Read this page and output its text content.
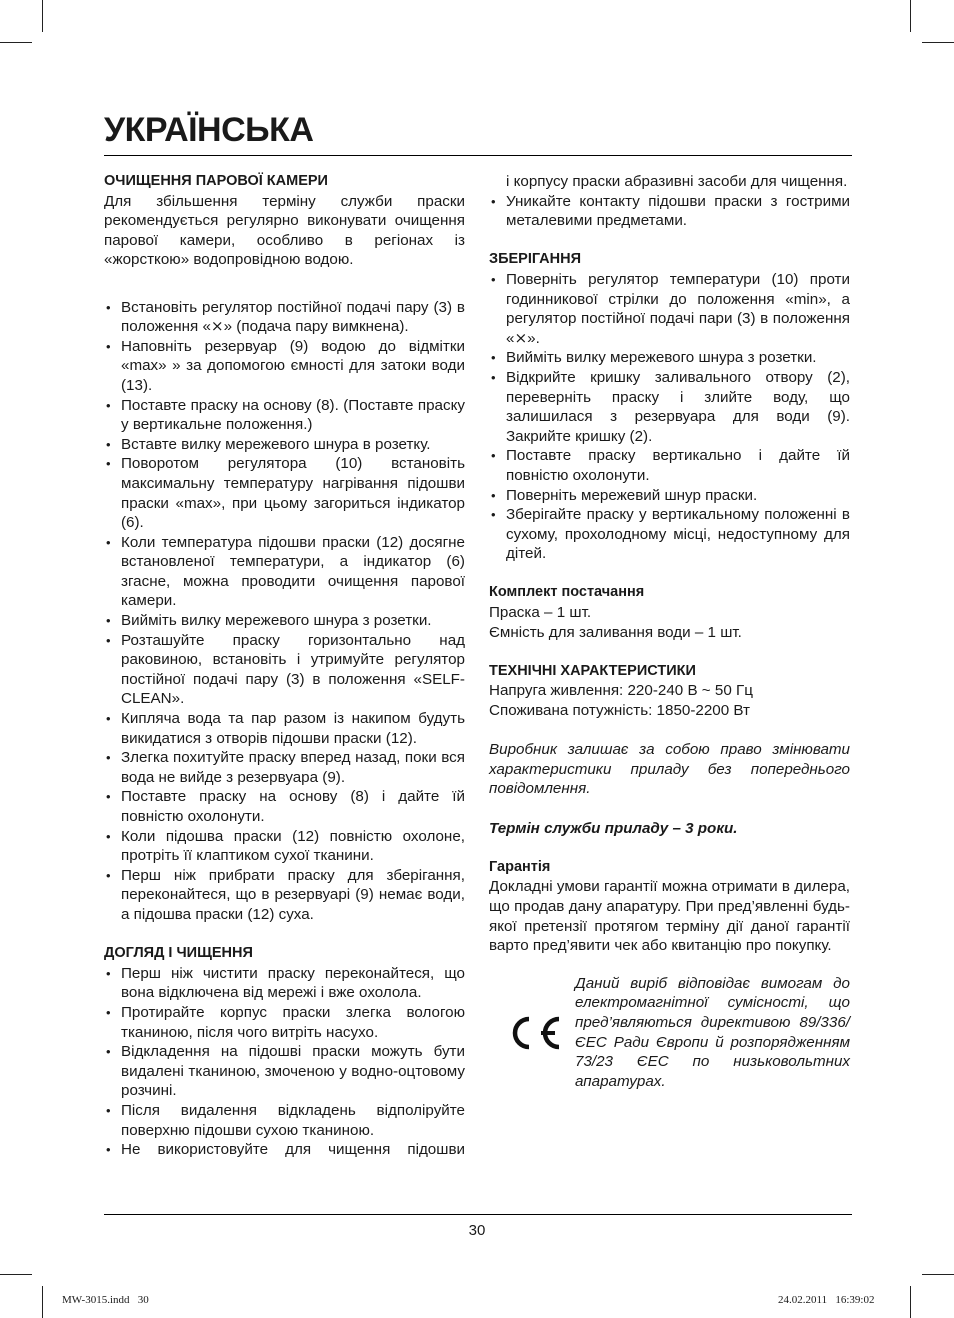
УКРАЇНСЬКА
ОЧИЩЕННЯ ПАРОВОЇ КАМЕРИ

Для збільшення терміну служби праски рекомендується регулярно виконувати очищення парової камери, особливо в регіонах із «жорсткою» водопровідною водою.

• Встановіть регулятор постійної подачі пару (3) в положення «⨯» (подача пару вимкнена).
• Наповніть резервуар (9) водою до відмітки «max» » за допомогою ємності для затоки води (13).
• Поставте праску на основу (8). (Поставте праску у вертикальне положення.)
• Вставте вилку мережевого шнура в розетку.
• Поворотом регулятора (10) встановіть максимальну температуру нагрівання підошви праски «max», при цьому загориться індикатор (6).
• Коли температура підошви праски (12) досягне встановленої температури, а індикатор (6) згасне, можна проводити очищення парової камери.
• Вийміть вилку мережевого шнура з розетки.
• Розташуйте праску горизонтально над раковиною, встановіть і утримуйте регулятор постійної подачі пару (3) в положення «SELF-CLEAN».
• Кипляча вода та пар разом із накипом будуть викидатися з отворів підошви праски (12).
• Злегка похитуйте праску вперед назад, поки вся вода не вийде з резервуара (9).
• Поставте праску на основу (8) і дайте їй повністю охолонути.
• Коли підошва праски (12) повністю охолоне, протріть її клаптиком сухої тканини.
• Перш ніж прибрати праску для зберігання, переконайтеся, що в резервуарі (9) немає води, а підошва праски (12) суха.
ДОГЛЯД І ЧИЩЕННЯ
• Перш ніж чистити праску переконайтеся, що вона відключена від мережі і вже охолола.
• Протирайте корпус праски злегка вологою тканиною, після чого витріть насухо.
• Відкладення на підошві праски можуть бути видалені тканиною, змоченою у водно-оцтовому розчині.
• Після видалення відкладень відполіруйте поверхню підошви сухою тканиною.
• Не використовуйте для чищення підошви
і корпусу праски абразивні засоби для чищення.
• Уникайте контакту підошви праски з гострими металевими предметами.
ЗБЕРІГАННЯ
• Поверніть регулятор температури (10) проти годинникової стрілки до положення «min», а регулятор постійної подачі пари (3) в положення «⨯».
• Вийміть вилку мережевого шнура з розетки.
• Відкрийте кришку заливального отвору (2), переверніть праску і злийте воду, що залишилася з резервуара для води (9). Закрийте кришку (2).
• Поставте праску вертикально і дайте їй повністю охолонути.
• Поверніть мережевий шнур праски.
• Зберігайте праску у вертикальному положенні в сухому, прохолодному місці, недоступному для дітей.
Комплект постачання
Праска – 1 шт.
Ємність для заливання води – 1 шт.
ТЕХНІЧНІ ХАРАКТЕРИСТИКИ
Напруга живлення: 220-240 В ~ 50 Гц
Споживана потужність: 1850-2200 Вт

Виробник залишає за собою право змінювати характеристики приладу без попереднього повідомлення.

Термін служби приладу – 3 роки.
Гарантія

Докладні умови гарантії можна отримати в дилера, що продав дану апаратуру. При пред’явленні будь-якої претензії протягом терміну дії даної гарантії варто пред’явити чек або квитанцію про покупку.

Даний виріб відповідає вимогам до електромагнітної сумісності, що пред’являються директивою 89/336/ЄЕС Ради Європи й розпорядженням 73/23 ЄЕС по низьковольтних апаратурах.
30
MW-3015.indd   30	24.02.2011   16:39:02
